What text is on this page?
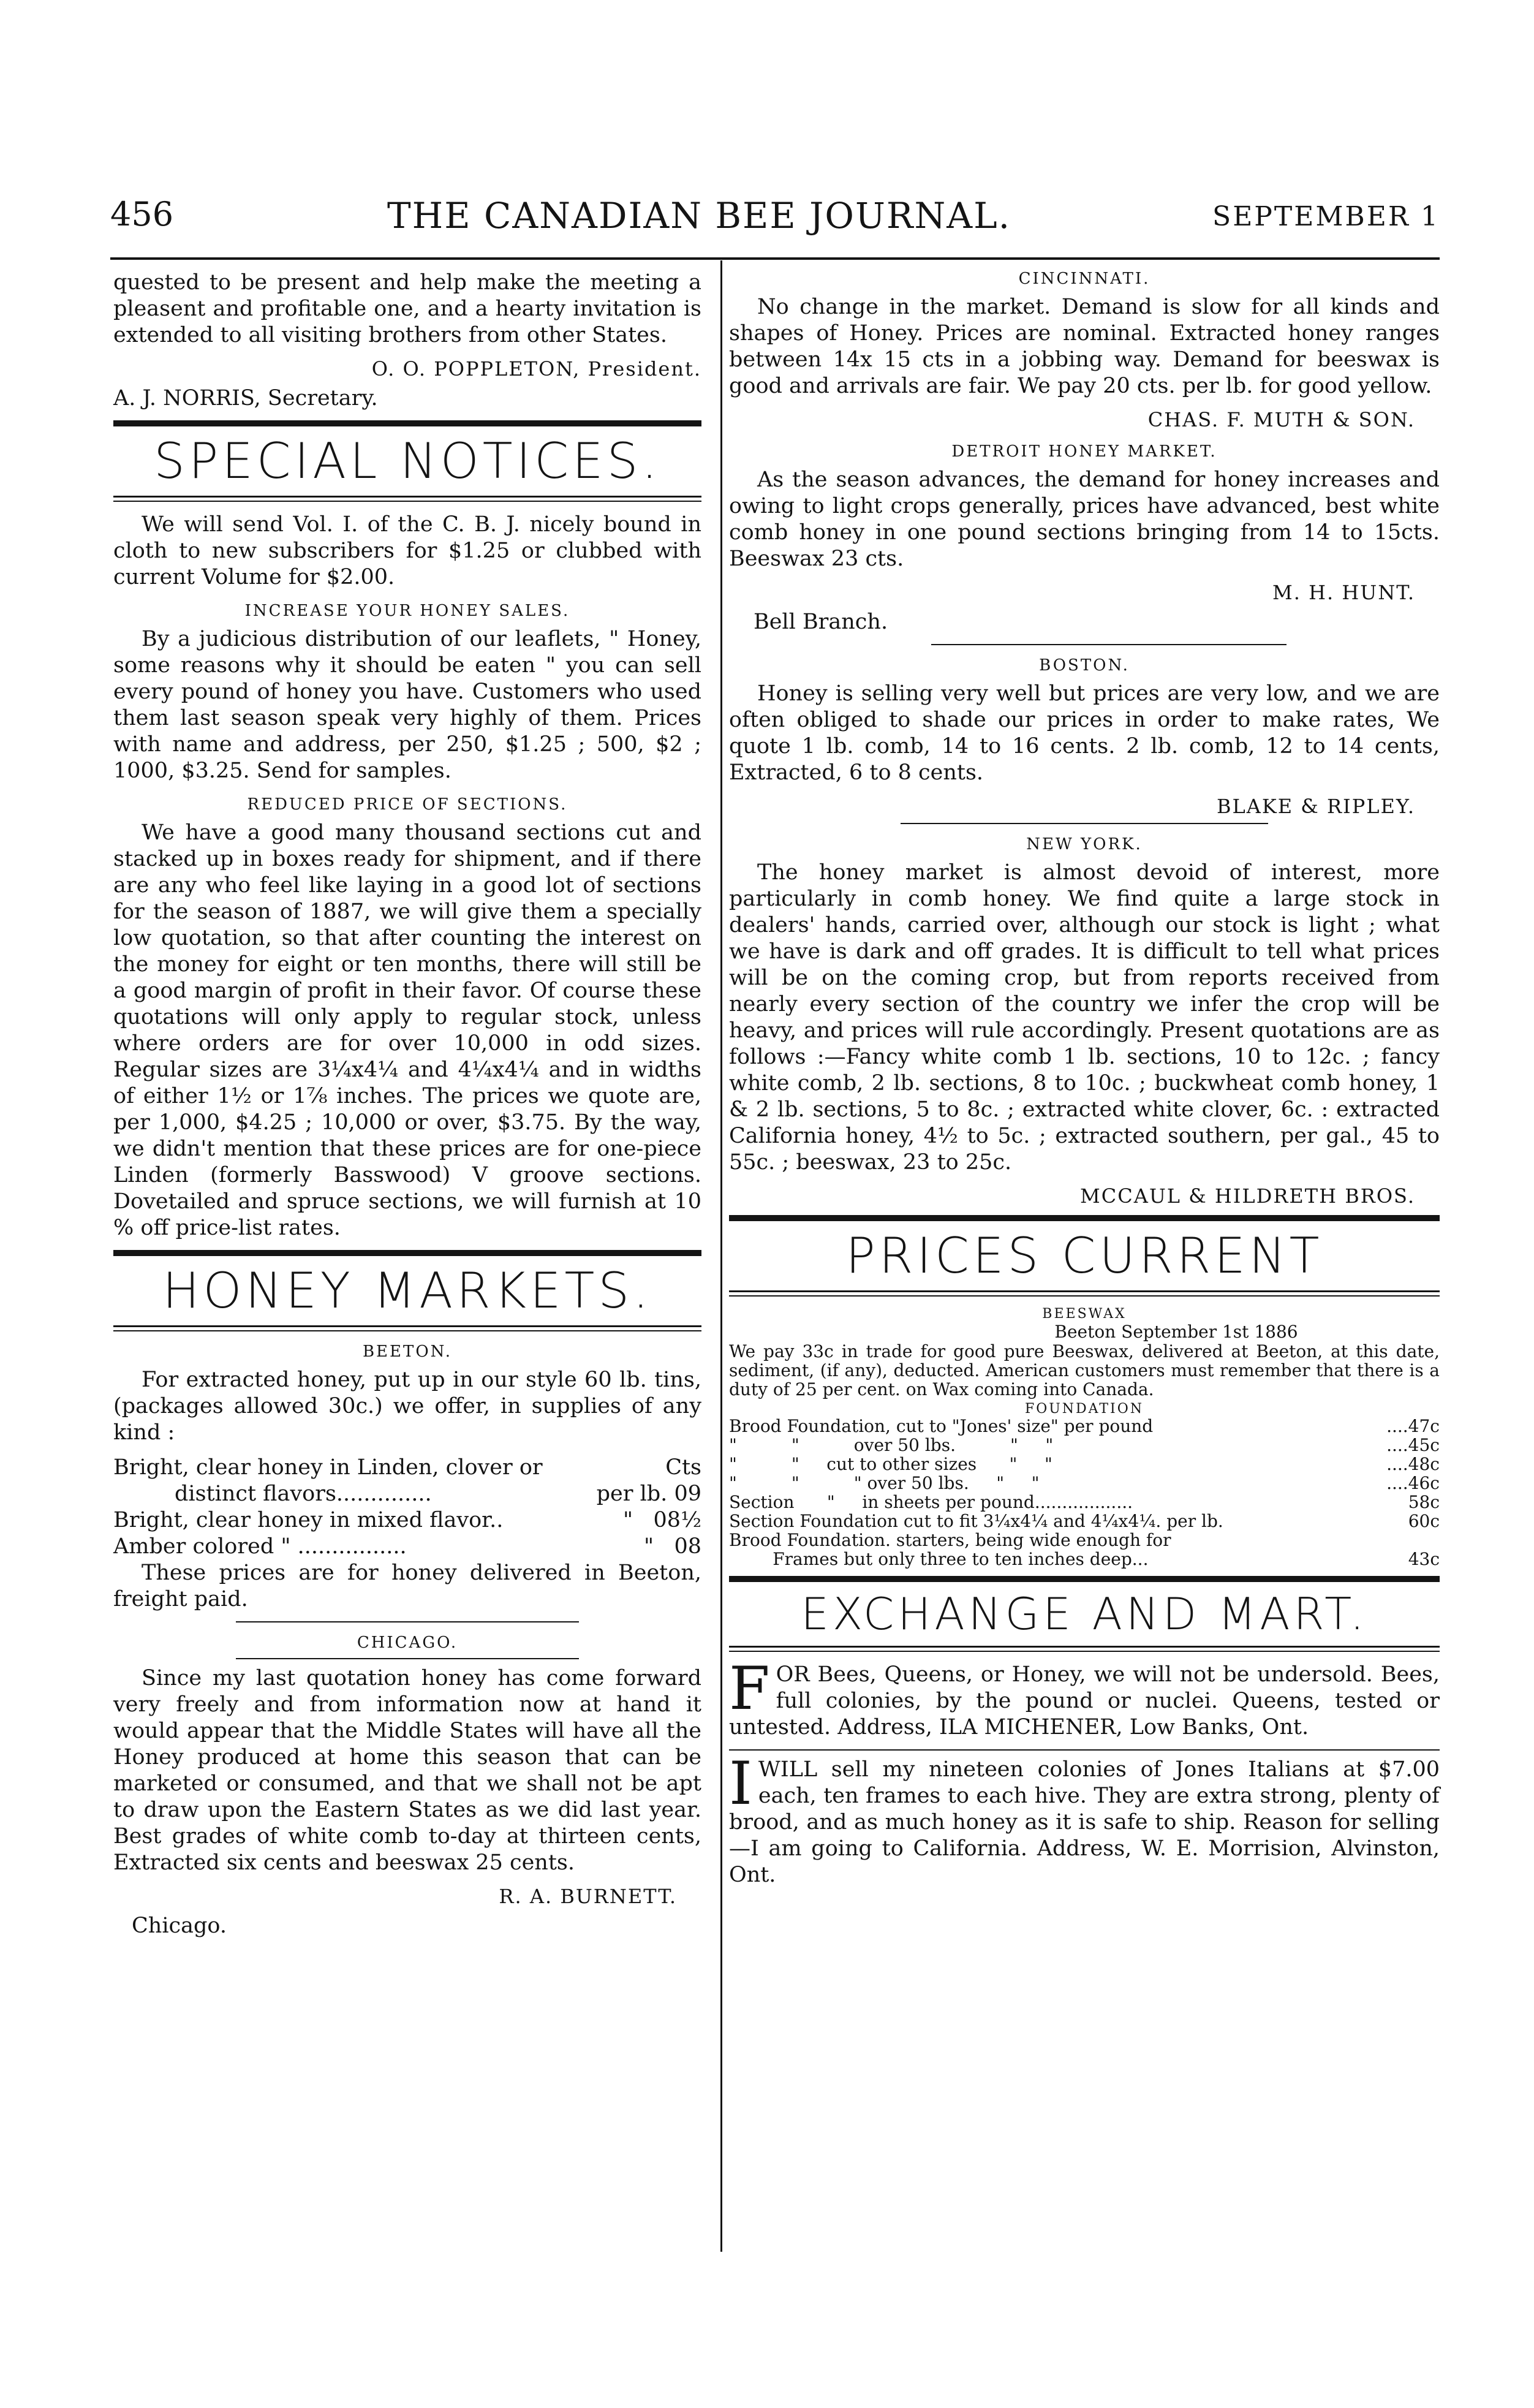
456	THE CANADIAN BEE JOURNAL.	SEPTEMBER 1

quested to be present and help make the meeting a pleasent and profitable one, and a hearty invitation is extended to all visiting brothers from other States.

O. O. POPPLETON, President.

A. J. NORRIS, Secretary.

SPECIAL NOTICES.

We will send Vol. I. of the C. B. J. nicely bound in cloth to new subscribers for $1.25 or clubbed with current Volume for $2.00.

INCREASE YOUR HONEY SALES.

By a judicious distribution of our leaflets, " Honey, some reasons why it should be eaten " you can sell every pound of honey you have. Customers who used them last season speak very highly of them. Prices with name and address, per 250, $1.25 ; 500, $2 ; 1000, $3.25. Send for samples.

REDUCED PRICE OF SECTIONS.

We have a good many thousand sections cut and stacked up in boxes ready for shipment, and if there are any who feel like laying in a good lot of sections for the season of 1887, we will give them a specially low quotation, so that after counting the interest on the money for eight or ten months, there will still be a good margin of profit in their favor. Of course these quotations will only apply to regular stock, unless where orders are for over 10,000 in odd sizes. Regular sizes are 3¼x4¼ and 4¼x4¼ and in widths of either 1½ or 1⅞ inches. The prices we quote are, per 1,000, $4.25 ; 10,000 or over, $3.75. By the way, we didn't mention that these prices are for one-piece Linden (formerly Basswood) V groove sections. Dovetailed and spruce sections, we will furnish at 10 % off price-list rates.

HONEY MARKETS.
BEETON.

For extracted honey, put up in our style 60 lb. tins, (packages allowed 30c.) we offer, in supplies of any kind :

Bright, clear honey in Linden, clover or	Cts
distinct flavors..............	per lb. 09
Bright, clear honey in mixed flavor..	" 08½
Amber colored " ................	" 08

These prices are for honey delivered in Beeton, freight paid.

CHICAGO.

Since my last quotation honey has come forward very freely and from information now at hand it would appear that the Middle States will have all the Honey produced at home this season that can be marketed or consumed, and that we shall not be apt to draw upon the Eastern States as we did last year. Best grades of white comb to-day at thirteen cents, Extracted six cents and beeswax 25 cents.

R. A. BURNETT.

Chicago.

CINCINNATI.

No change in the market. Demand is slow for all kinds and shapes of Honey. Prices are nominal. Extracted honey ranges between 14x 15 cts in a jobbing way. Demand for beeswax is good and arrivals are fair. We pay 20 cts. per lb. for good yellow.

CHAS. F. MUTH & SON.
DETROIT HONEY MARKET.

As the season advances, the demand for honey increases and owing to light crops generally, prices have advanced, best white comb honey in one pound sections bringing from 14 to 15cts. Beeswax 23 cts.

M. H. HUNT.

Bell Branch.

BOSTON.

Honey is selling very well but prices are very low, and we are often obliged to shade our prices in order to make rates, We quote 1 lb. comb, 14 to 16 cents. 2 lb. comb, 12 to 14 cents, Extracted, 6 to 8 cents.

BLAKE & RIPLEY.
NEW YORK.

The honey market is almost devoid of interest, more particularly in comb honey. We find quite a large stock in dealers' hands, carried over, although our stock is light ; what we have is dark and off grades. It is difficult to tell what prices will be on the coming crop, but from reports received from nearly every section of the country we infer the crop will be heavy, and prices will rule accordingly. Present quotations are as follows :—Fancy white comb 1 lb. sections, 10 to 12c. ; fancy white comb, 2 lb. sections, 8 to 10c. ; buckwheat comb honey, 1 & 2 lb. sections, 5 to 8c. ; extracted white clover, 6c. : extracted California honey, 4½ to 5c. ; extracted southern, per gal., 45 to 55c. ; beeswax, 23 to 25c.

MCCAUL & HILDRETH BROS.
PRICES CURRENT
BEESWAX
Beeton September 1st 1886

We pay 33c in trade for good pure Beeswax, delivered at Beeton, at this date, sediment, (if any), deducted. American customers must remember that there is a duty of 25 per cent. on Wax coming into Canada.

FOUNDATION
Brood Foundation, cut to "Jones' size" per pound	....47c
"          "          over 50 lbs.          "     "	....45c
"          "     cut to other sizes      "     "	....48c
"          "          " over 50 lbs.     "     "	....46c
Section      "     in sheets per pound..................	58c
Section Foundation cut to fit 3¼x4¼ and 4¼x4¼. per lb.	60c
Brood Foundation. starters, being wide enough for
Frames but only three to ten inches deep...	43c
EXCHANGE AND MART.
F OR Bees, Queens, or Honey, we will not be undersold. Bees, full colonies, by the pound or nuclei. Queens, tested or untested. Address, ILA MICHENER, Low Banks, Ont.

I WILL sell my nineteen colonies of Jones Italians at $7.00 each, ten frames to each hive. They are extra strong, plenty of brood, and as much honey as it is safe to ship. Reason for selling—I am going to California. Address, W. E. Morrision, Alvinston, Ont.
